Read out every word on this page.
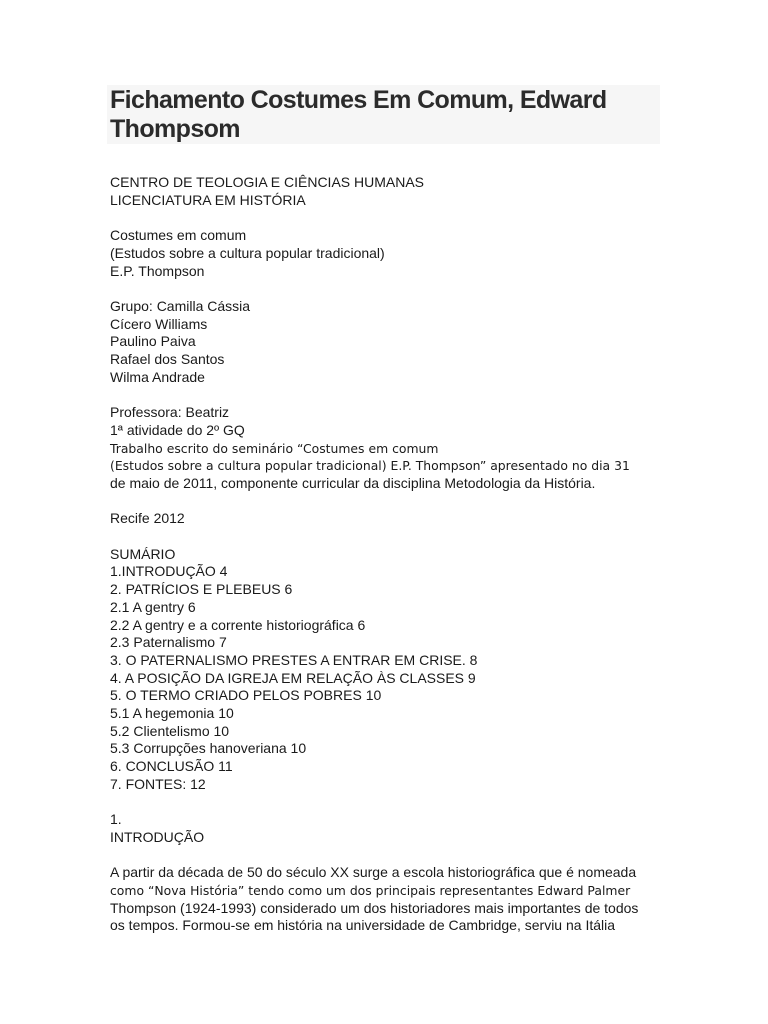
Fichamento Costumes Em Comum, Edward Thompsom
CENTRO DE TEOLOGIA E CIÊNCIAS HUMANAS
LICENCIATURA EM HISTÓRIA
Costumes em comum
(Estudos sobre a cultura popular tradicional)
E.P. Thompson
Grupo: Camilla Cássia
Cícero Williams
Paulino Paiva
Rafael dos Santos
Wilma Andrade
Professora: Beatriz
1ª atividade do 2º GQ
Trabalho escrito do seminário “Costumes em comum
(Estudos sobre a cultura popular tradicional) E.P. Thompson” apresentado no dia 31
de maio de 2011, componente curricular da disciplina Metodologia da História.
Recife 2012
SUMÁRIO
1.INTRODUÇÃO 4
2. PATRÍCIOS E PLEBEUS 6
2.1 A gentry 6
2.2 A gentry e a corrente historiográfica 6
2.3 Paternalismo 7
3. O PATERNALISMO PRESTES A ENTRAR EM CRISE. 8
4. A POSIÇÃO DA IGREJA EM RELAÇÃO ÀS CLASSES 9
5. O TERMO CRIADO PELOS POBRES 10
5.1 A hegemonia 10
5.2 Clientelismo 10
5.3 Corrupções hanoveriana 10
6. CONCLUSÃO 11
7. FONTES: 12
1.
INTRODUÇÃO
A partir da década de 50 do século XX surge a escola historiográfica que é nomeada
como “Nova História” tendo como um dos principais representantes Edward Palmer
Thompson (1924-1993) considerado um dos historiadores mais importantes de todos
os tempos. Formou-se em história na universidade de Cambridge, serviu na Itália
